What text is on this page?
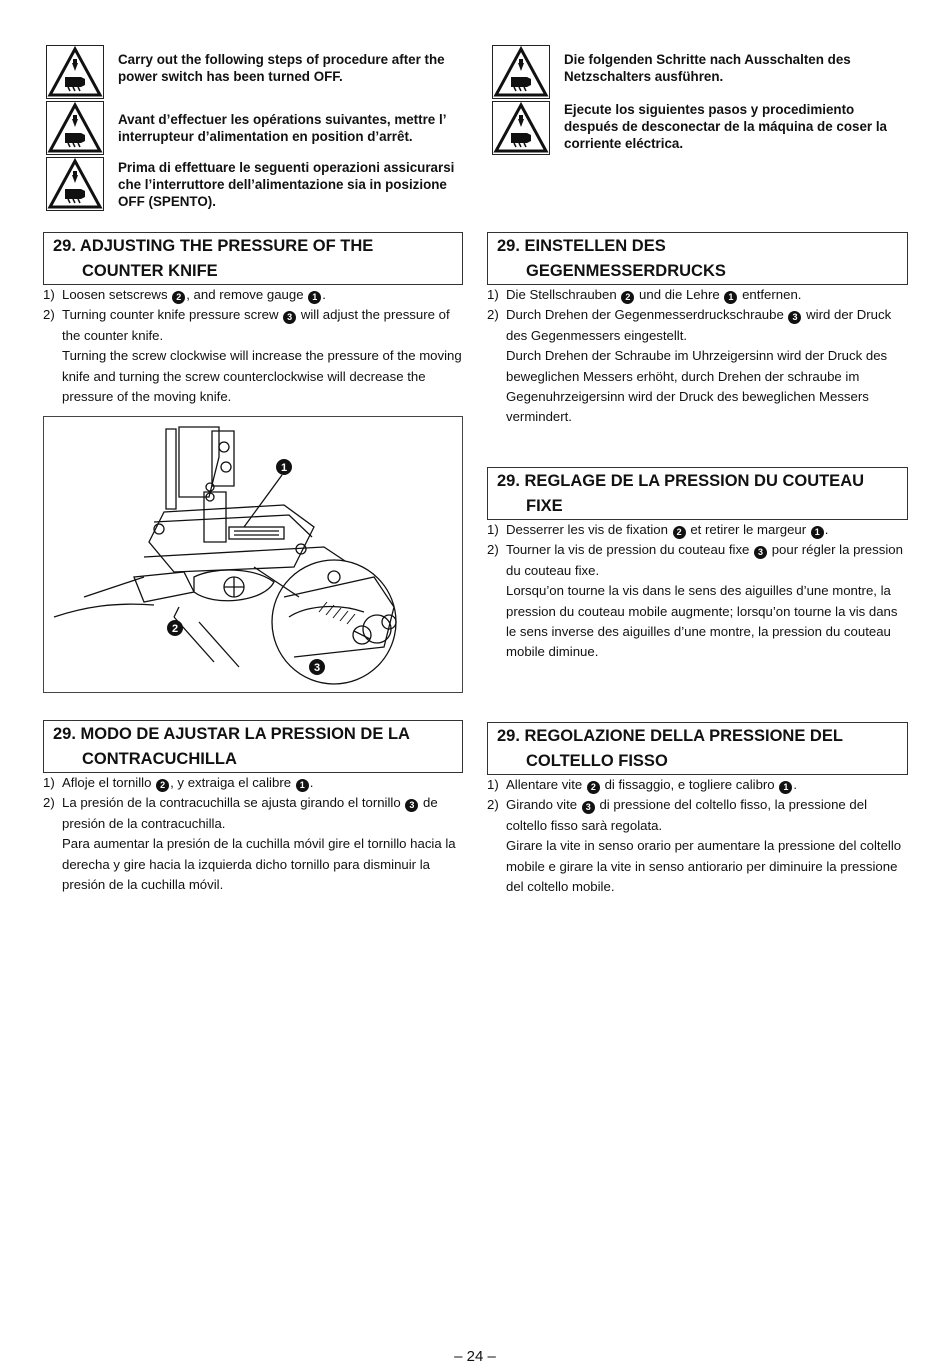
Carry out the following steps of procedure after the power switch has been turned OFF.
Avant d’effectuer les opérations suivantes, mettre l’ interrupteur d’alimentation en position d’arrêt.
Prima di effettuare le seguenti operazioni assicurarsi che l’interruttore dell’alimentazione sia in posizione OFF (SPENTO).
Die folgenden Schritte nach Ausschalten des Netzschalters ausführen.
Ejecute los siguientes pasos y procedimiento después de desconectar de la máquina de coser la corriente eléctrica.
29. ADJUSTING THE PRESSURE OF THE
COUNTER KNIFE
1) Loosen setscrews 2 , and remove gauge 1 .
2) Turning counter knife pressure screw 3 will adjust the pressure of the counter knife.
Turning the screw clockwise will increase the pressure of the moving knife and turning the screw counterclockwise will decrease the pressure of the moving knife.
1
2
3
29. EINSTELLEN DES
GEGENMESSERDRUCKS
1) Die Stellschrauben 2 und die Lehre 1 entfernen.
2) Durch Drehen der Gegenmesserdruckschraube 3 wird der Druck des Gegenmessers eingestellt.
Durch Drehen der Schraube im Uhrzeigersinn wird der Druck des beweglichen Messers erhöht, durch Drehen der schraube im Gegenuhrzeigersinn wird der Druck des beweglichen Messers vermindert.
29. REGLAGE DE LA PRESSION DU COUTEAU
FIXE
1) Desserrer les vis de fixation 2 et retirer le margeur 1 .
2) Tourner la vis de pression du couteau fixe 3 pour régler la pression du couteau fixe.
Lorsqu’on tourne la vis dans le sens des aiguilles d’une montre, la pression du couteau mobile augmente; lorsqu’on tourne la vis dans le sens inverse des aiguilles d’une montre, la pression du couteau mobile diminue.
29. MODO DE AJUSTAR LA PRESSION DE LA
CONTRACUCHILLA
1) Afloje el tornillo 2 , y extraiga el calibre 1 .
2) La presión de la contracuchilla se ajusta girando el tornillo 3 de presión de la contracuchilla.
Para aumentar la presión de la cuchilla móvil gire el tornillo hacia la derecha y gire hacia la izquierda dicho tornillo para disminuir la presión de la cuchilla móvil.
29. REGOLAZIONE DELLA PRESSIONE DEL
COLTELLO FISSO
1) Allentare vite 2 di fissaggio, e togliere calibro 1 .
2) Girando vite 3 di pressione del coltello fisso, la pressione del coltello fisso sarà regolata.
Girare la vite in senso orario per aumentare la pressione del coltello mobile e girare la vite in senso antiorario per diminuire la pressione del coltello mobile.
– 24 –
